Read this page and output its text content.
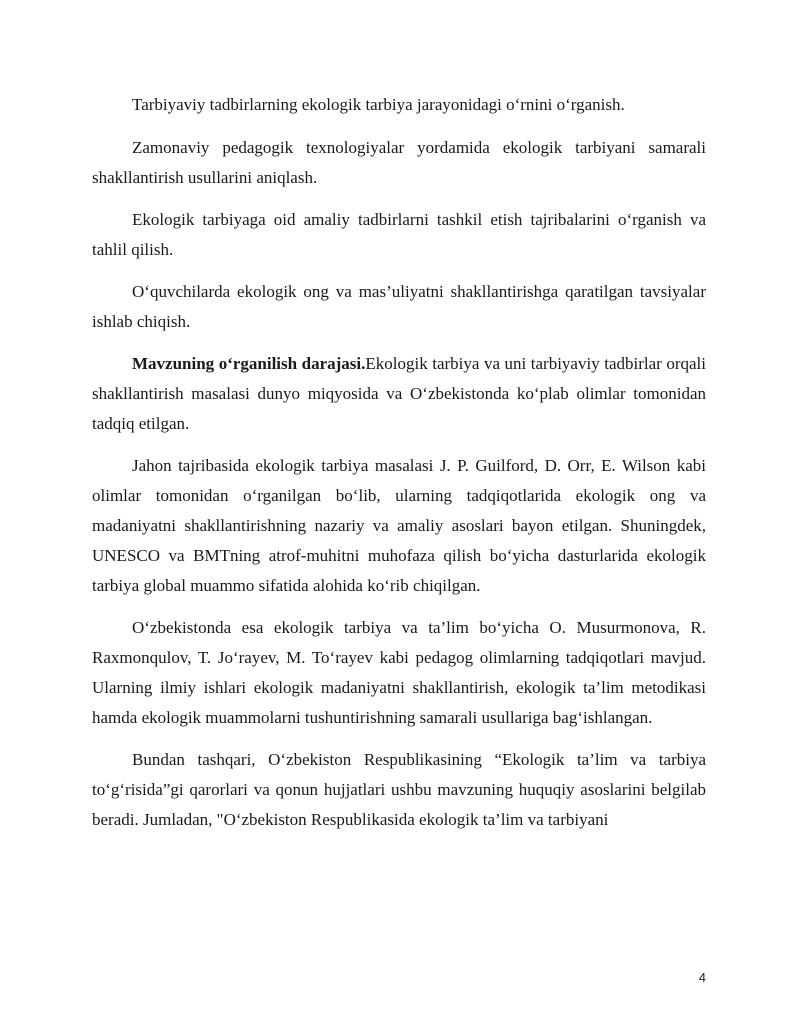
Tarbiyaviy tadbirlarning ekologik tarbiya jarayonidagi o‘rnini o‘rganish.

Zamonaviy pedagogik texnologiyalar yordamida ekologik tarbiyani samarali shakllantirish usullarini aniqlash.

Ekologik tarbiyaga oid amaliy tadbirlarni tashkil etish tajribalarini o‘rganish va tahlil qilish.

O‘quvchilarda ekologik ong va mas’uliyatni shakllantirishga qaratilgan tavsiyalar ishlab chiqish.

Mavzuning o‘rganilish darajasi.Ekologik tarbiya va uni tarbiyaviy tadbirlar orqali shakllantirish masalasi dunyo miqyosida va O‘zbekistonda ko‘plab olimlar tomonidan tadqiq etilgan.

Jahon tajribasida ekologik tarbiya masalasi J. P. Guilford, D. Orr, E. Wilson kabi olimlar tomonidan o‘rganilgan bo‘lib, ularning tadqiqotlarida ekologik ong va madaniyatni shakllantirishning nazariy va amaliy asoslari bayon etilgan. Shuningdek, UNESCO va BMTning atrof-muhitni muhofaza qilish bo‘yicha dasturlarida ekologik tarbiya global muammo sifatida alohida ko‘rib chiqilgan.

O‘zbekistonda esa ekologik tarbiya va ta’lim bo‘yicha O. Musurmonova, R. Raxmonqulov, T. Jo‘rayev, M. To‘rayev kabi pedagog olimlarning tadqiqotlari mavjud. Ularning ilmiy ishlari ekologik madaniyatni shakllantirish, ekologik ta’lim metodikasi hamda ekologik muammolarni tushuntirishning samarali usullariga bag‘ishlangan.

Bundan tashqari, O‘zbekiston Respublikasining “Ekologik ta’lim va tarbiya to‘g‘risida”gi qarorlari va qonun hujjatlari ushbu mavzuning huquqiy asoslarini belgilab beradi. Jumladan, "O‘zbekiston Respublikasida ekologik ta’lim va tarbiyani

4
